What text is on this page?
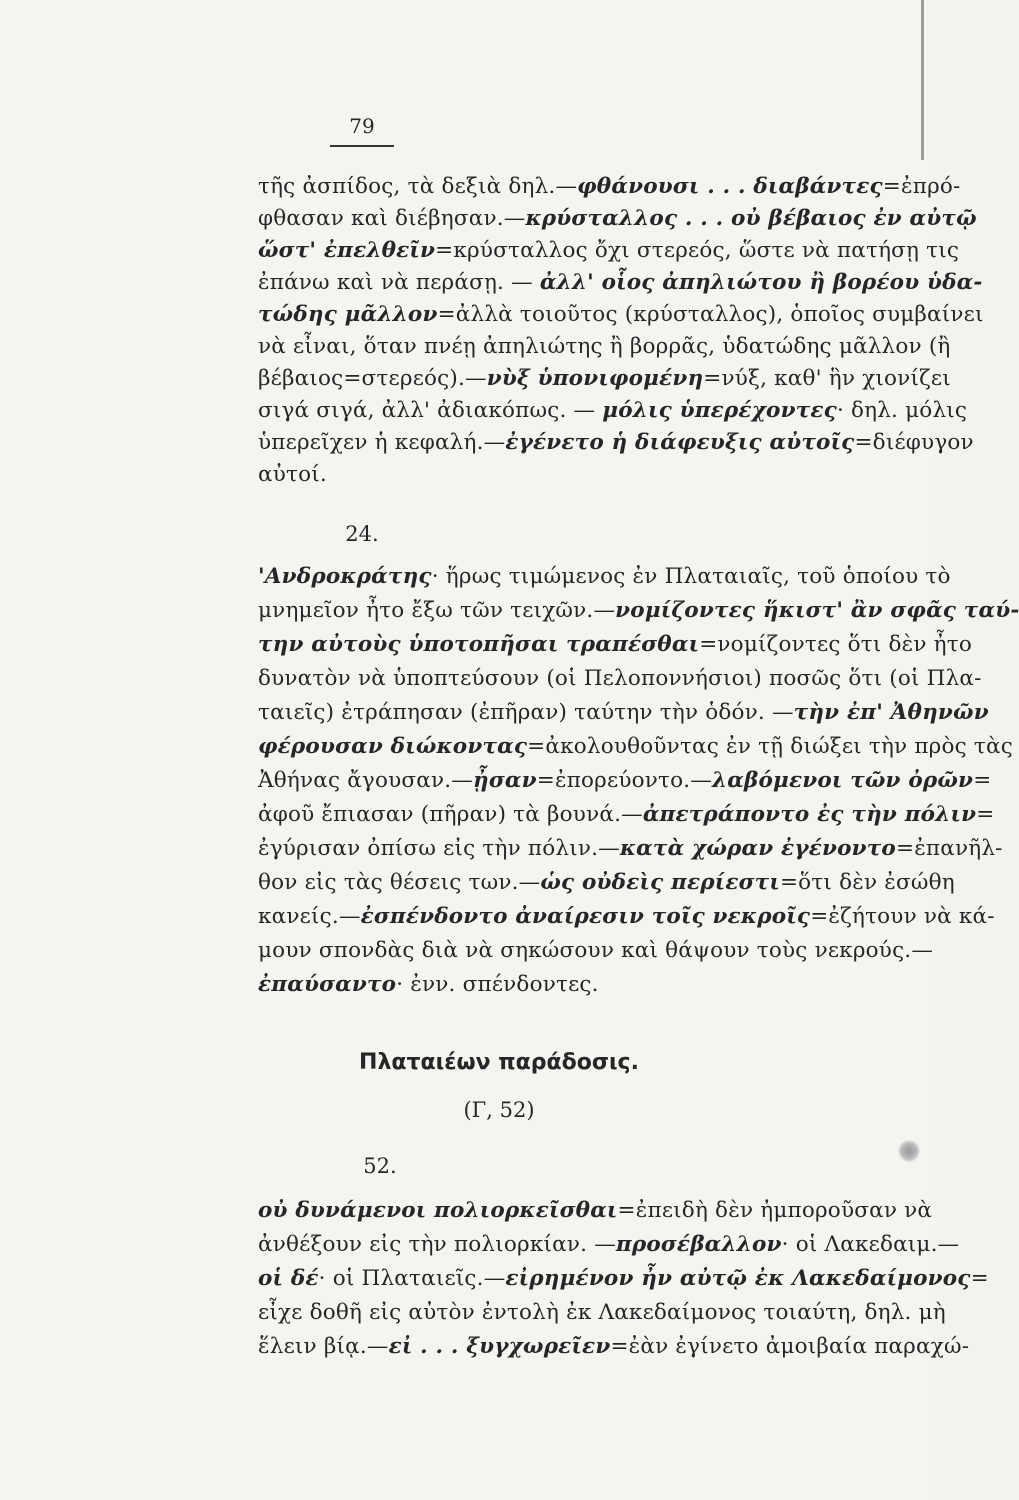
79
τῆς ἀσπίδος, τὰ δεξιὰ δηλ.—φθάνουσι . . . διαβάντες=ἐπρό-
φθασαν καὶ διέβησαν.—κρύσταλλος . . . οὐ βέβαιος ἐν αὐτῷ
ὥστ' ἐπελθεῖν=κρύσταλλος ὄχι στερεός, ὥστε νὰ πατήσῃ τις
ἐπάνω καὶ νὰ περάσῃ. — ἀλλ' οἷος ἀπηλιώτου ἢ βορέου ὑδα-
τώδης μᾶλλον=ἀλλὰ τοιοῦτος (κρύσταλλος), ὁποῖος συμβαίνει
νὰ εἶναι, ὅταν πνέῃ ἀπηλιώτης ἢ βορρᾶς, ὑδατώδης μᾶλλον (ἢ
βέβαιος=στερεός).—νὺξ ὑπονιφομένη=νύξ, καθ' ἣν χιονίζει
σιγά σιγά, ἀλλ' ἀδιακόπως. — μόλις ὑπερέχοντες· δηλ. μόλις
ὑπερεῖχεν ἡ κεφαλή.—ἐγένετο ἡ διάφευξις αὐτοῖς=διέφυγον
αὐτοί.
24.
'Ανδροκράτης· ἥρως τιμώμενος ἐν Πλαταιαῖς, τοῦ ὁποίου τὸ
μνημεῖον ἦτο ἔξω τῶν τειχῶν.—νομίζοντες ἥκιστ' ἂν σφᾶς ταύ-
την αὐτοὺς ὑποτοπῆσαι τραπέσθαι=νομίζοντες ὅτι δὲν ἦτο
δυνατὸν νὰ ὑποπτεύσουν (οἱ Πελοποννήσιοι) ποσῶς ὅτι (οἱ Πλα-
ταιεῖς) ἐτράπησαν (ἐπῆραν) ταύτην τὴν ὁδόν. —τὴν ἐπ' Ἀθηνῶν
φέρουσαν διώκοντας=ἀκολουθοῦντας ἐν τῇ διώξει τὴν πρὸς τὰς
Ἀθήνας ἄγουσαν.—ᾖσαν=ἐπορεύοντο.—λαβόμενοι τῶν ὀρῶν=
ἀφοῦ ἔπιασαν (πῆραν) τὰ βουνά.—ἀπετράποντο ἐς τὴν πόλιν=
ἐγύρισαν ὀπίσω εἰς τὴν πόλιν.—κατὰ χώραν ἐγένοντο=ἐπανῆλ-
θον εἰς τὰς θέσεις των.—ὡς οὐδεὶς περίεστι=ὅτι δὲν ἐσώθη
κανείς.—ἐσπένδοντο ἀναίρεσιν τοῖς νεκροῖς=ἐζήτουν νὰ κά-
μουν σπονδὰς διὰ νὰ σηκώσουν καὶ θάψουν τοὺς νεκρούς.—
ἐπαύσαντο· ἐνν. σπένδοντες.
Πλαταιέων παράδοσις.
(Γ, 52)
52.
οὐ δυνάμενοι πολιορκεῖσθαι=ἐπειδὴ δὲν ἠμποροῦσαν νὰ
ἀνθέξουν εἰς τὴν πολιορκίαν. —προσέβαλλον· οἱ Λακεδαιμ.—
οἱ δέ· οἱ Πλαταιεῖς.—εἰρημένον ἦν αὐτῷ ἐκ Λακεδαίμονος=
εἶχε δοθῆ εἰς αὐτὸν ἐντολὴ ἐκ Λακεδαίμονος τοιαύτη, δηλ. μὴ
ἕλειν βίᾳ.—εἰ . . . ξυγχωρεῖεν=ἐὰν ἐγίνετο ἀμοιβαία παραχώ-
